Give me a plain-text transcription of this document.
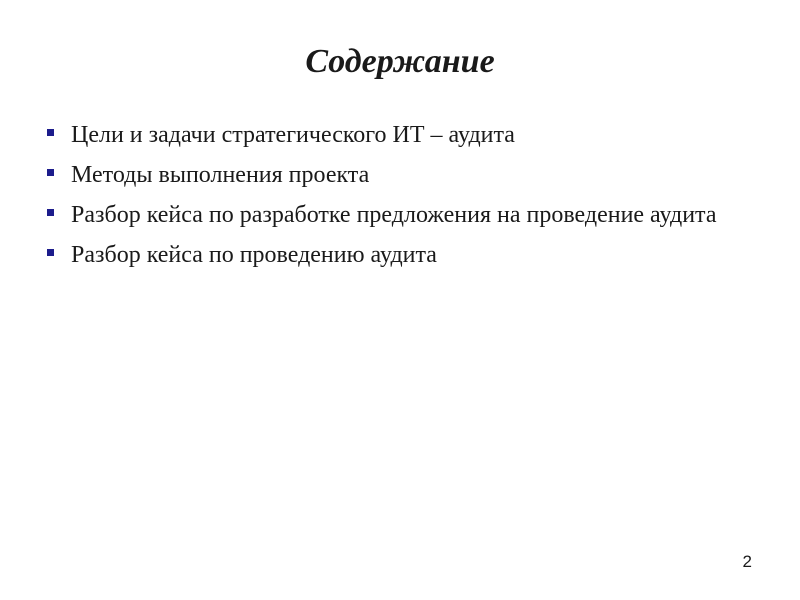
Содержание
Цели и задачи стратегического ИТ – аудита
Методы выполнения проекта
Разбор кейса по разработке предложения на проведение аудита
Разбор кейса по проведению аудита
2
